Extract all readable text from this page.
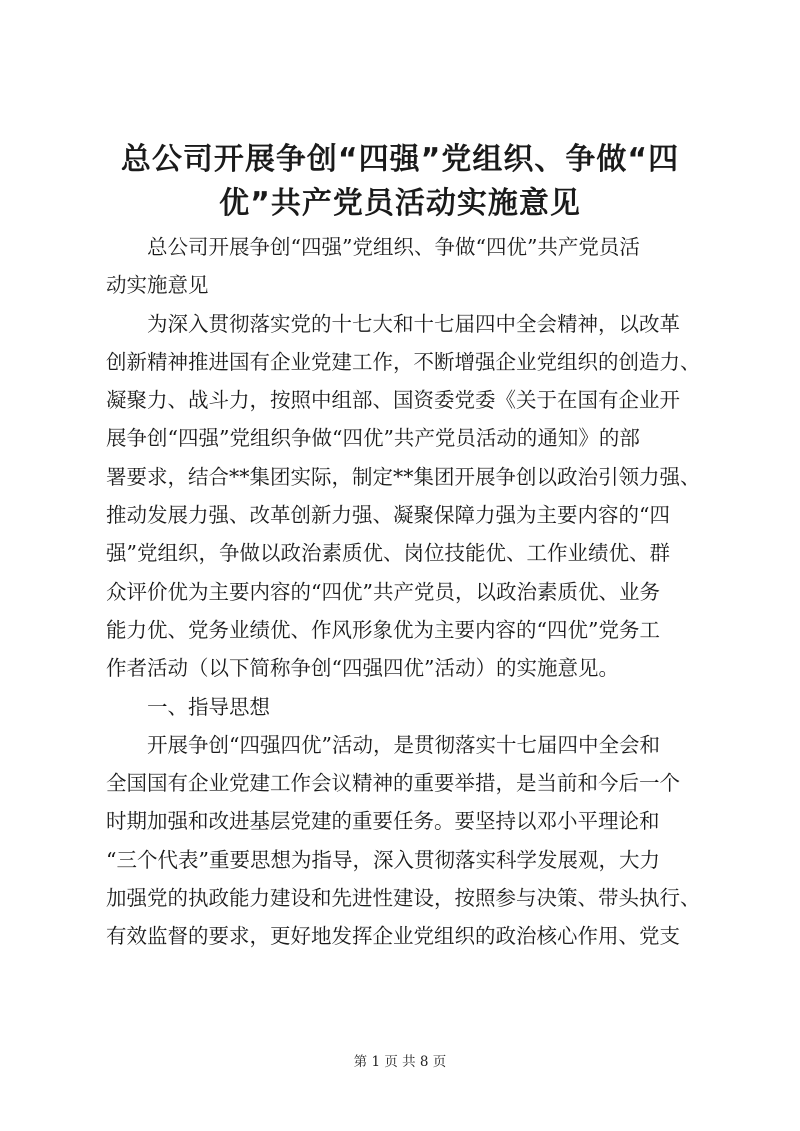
总公司开展争创“四强”党组织、争做“四
优”共产党员活动实施意见
总公司开展争创“四强”党组织、争做“四优”共产党员活
动实施意见
为深入贯彻落实党的十七大和十七届四中全会精神，以改革
创新精神推进国有企业党建工作，不断增强企业党组织的创造力、
凝聚力、战斗力，按照中组部、国资委党委《关于在国有企业开
展争创“四强”党组织争做“四优”共产党员活动的通知》的部
署要求，结合**集团实际，制定**集团开展争创以政治引领力强、
推动发展力强、改革创新力强、凝聚保障力强为主要内容的“四
强”党组织，争做以政治素质优、岗位技能优、工作业绩优、群
众评价优为主要内容的“四优”共产党员，以政治素质优、业务
能力优、党务业绩优、作风形象优为主要内容的“四优”党务工
作者活动（以下简称争创“四强四优”活动）的实施意见。
一、指导思想
开展争创“四强四优”活动，是贯彻落实十七届四中全会和
全国国有企业党建工作会议精神的重要举措，是当前和今后一个
时期加强和改进基层党建的重要任务。要坚持以邓小平理论和
“三个代表”重要思想为指导，深入贯彻落实科学发展观，大力
加强党的执政能力建设和先进性建设，按照参与决策、带头执行、
有效监督的要求，更好地发挥企业党组织的政治核心作用、党支
第 1 页 共 8 页
